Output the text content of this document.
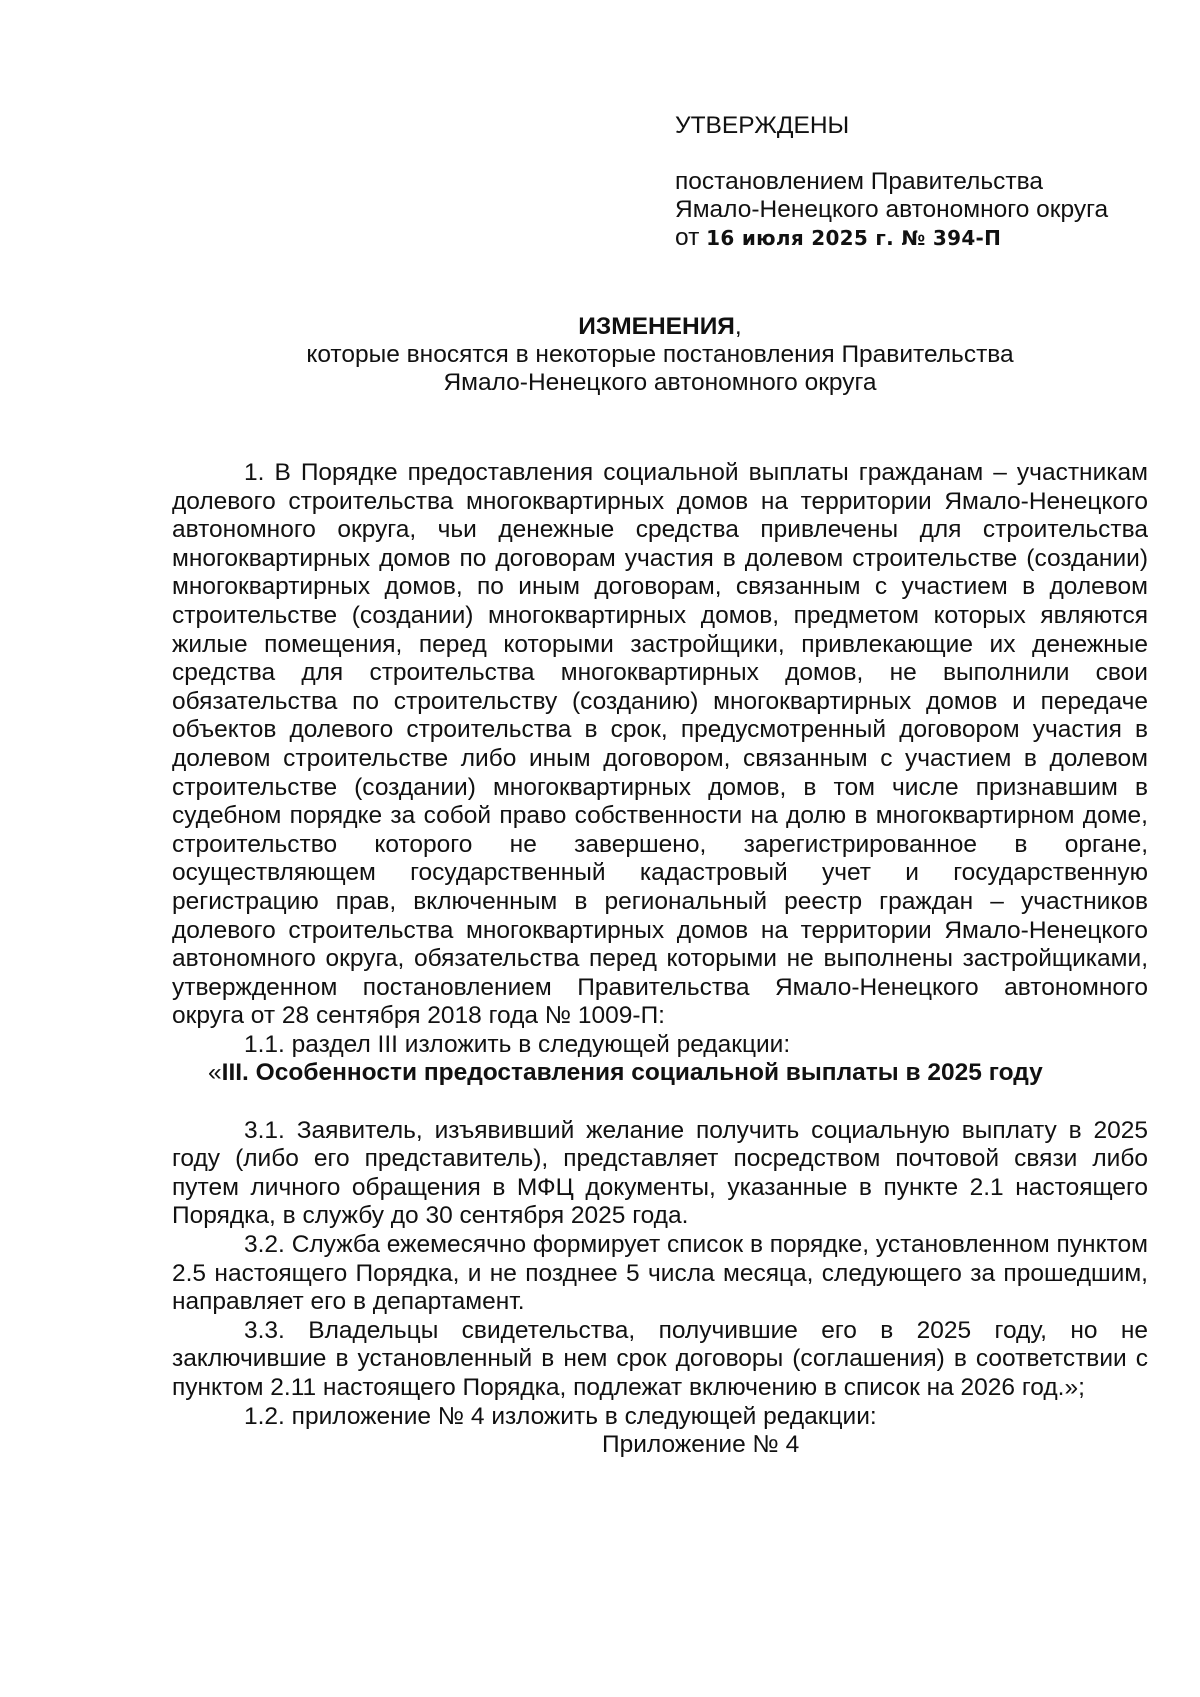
УТВЕРЖДЕНЫ
постановлением Правительства
Ямало-Ненецкого автономного округа
от 16 июля 2025 г. № 394-П
ИЗМЕНЕНИЯ,
которые вносятся в некоторые постановления Правительства
Ямало-Ненецкого автономного округа

1. В Порядке предоставления социальной выплаты гражданам – участникам долевого строительства многоквартирных домов на территории Ямало-Ненецкого автономного округа, чьи денежные средства привлечены для строительства многоквартирных домов по договорам участия в долевом строительстве (создании) многоквартирных домов, по иным договорам, связанным с участием в долевом строительстве (создании) многоквартирных домов, предметом которых являются жилые помещения, перед которыми застройщики, привлекающие их денежные средства для строительства многоквартирных домов, не выполнили свои обязательства по строительству (созданию) многоквартирных домов и передаче объектов долевого строительства в срок, предусмотренный договором участия в долевом строительстве либо иным договором, связанным с участием в долевом строительстве (создании) многоквартирных домов, в том числе признавшим в судебном порядке за собой право собственности на долю в многоквартирном доме, строительство которого не завершено, зарегистрированное в органе, осуществляющем государственный кадастровый учет и государственную регистрацию прав, включенным в региональный реестр граждан – участников долевого строительства многоквартирных домов на территории Ямало-Ненецкого автономного округа, обязательства перед которыми не выполнены застройщиками, утвержденном постановлением Правительства Ямало-Ненецкого автономного округа от 28 сентября 2018 года № 1009-П:

1.1. раздел III изложить в следующей редакции:

«III. Особенности предоставления социальной выплаты в 2025 году

3.1. Заявитель, изъявивший желание получить социальную выплату в 2025 году (либо его представитель), представляет посредством почтовой связи либо путем личного обращения в МФЦ документы, указанные в пункте 2.1 настоящего Порядка, в службу до 30 сентября 2025 года.

3.2. Служба ежемесячно формирует список в порядке, установленном пунктом 2.5 настоящего Порядка, и не позднее 5 числа месяца, следующего за прошедшим, направляет его в департамент.

3.3. Владельцы свидетельства, получившие его в 2025 году, но не заключившие в установленный в нем срок договоры (соглашения) в соответствии с пунктом 2.11 настоящего Порядка, подлежат включению в список на 2026 год.»;

1.2. приложение № 4 изложить в следующей редакции:

Приложение № 4
